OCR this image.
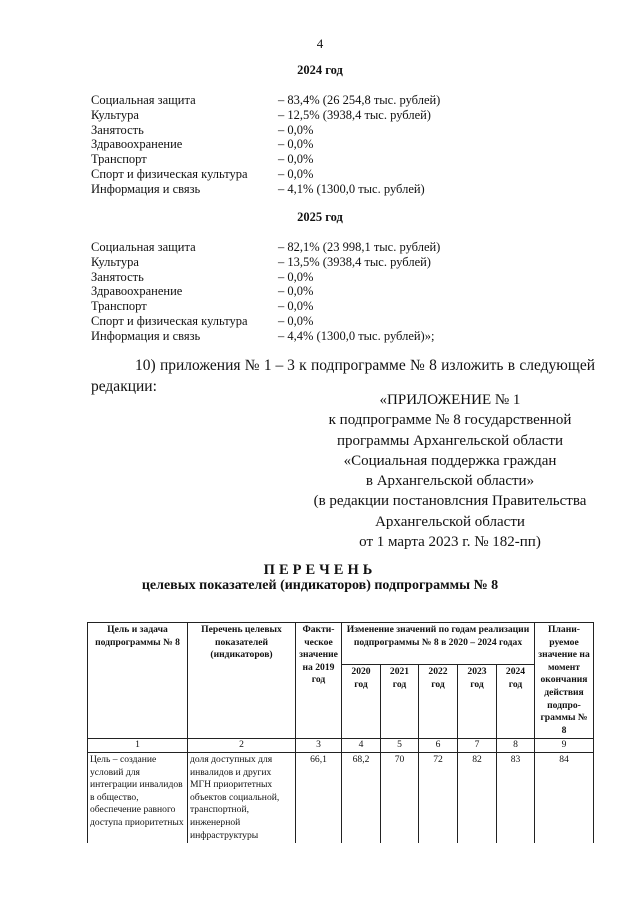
4
2024 год
Социальная защита	– 83,4% (26 254,8 тыс. рублей)
Культура	– 12,5% (3938,4 тыс. рублей)
Занятость	– 0,0%
Здравоохранение	– 0,0%
Транспорт	– 0,0%
Спорт и физическая культура	– 0,0%
Информация и связь	– 4,1% (1300,0 тыс. рублей)
2025 год
Социальная защита	– 82,1% (23 998,1 тыс. рублей)
Культура	– 13,5% (3938,4 тыс. рублей)
Занятость	– 0,0%
Здравоохранение	– 0,0%
Транспорт	– 0,0%
Спорт и физическая культура	– 0,0%
Информация и связь	– 4,4% (1300,0 тыс. рублей)»;
10) приложения № 1 – 3 к подпрограмме № 8 изложить в следующей
редакции:
«ПРИЛОЖЕНИЕ № 1
к подпрограмме № 8 государственной
программы Архангельской области
«Социальная поддержка граждан
в Архангельской области»
(в редакции постановлсния Правительства
Архангельской области
от 1 марта 2023 г. № 182-пп)
ПЕРЕЧЕНЬ
целевых показателей (индикаторов) подпрограммы № 8
Цель и задача подпрограммы № 8	Перечень целевых показателей (индикаторов)	Факти-ческое значение на 2019 год	Изменение значений по годам реализации подпрограммы № 8 в 2020 – 2024 годах					Плани-руемое значение на момент окончания действия подпро-граммы № 8
			2020 год	2021 год	2022 год	2023 год	2024 год	
1	2	3	4	5	6	7	8	9
Цель – создание условий для интеграции инвалидов в общество, обеспечение равного доступа приоритетных	доля доступных для инвалидов и других МГН приоритетных объектов социальной, транспортной, инженерной инфраструктуры	66,1	68,2	70	72	82	83	84
